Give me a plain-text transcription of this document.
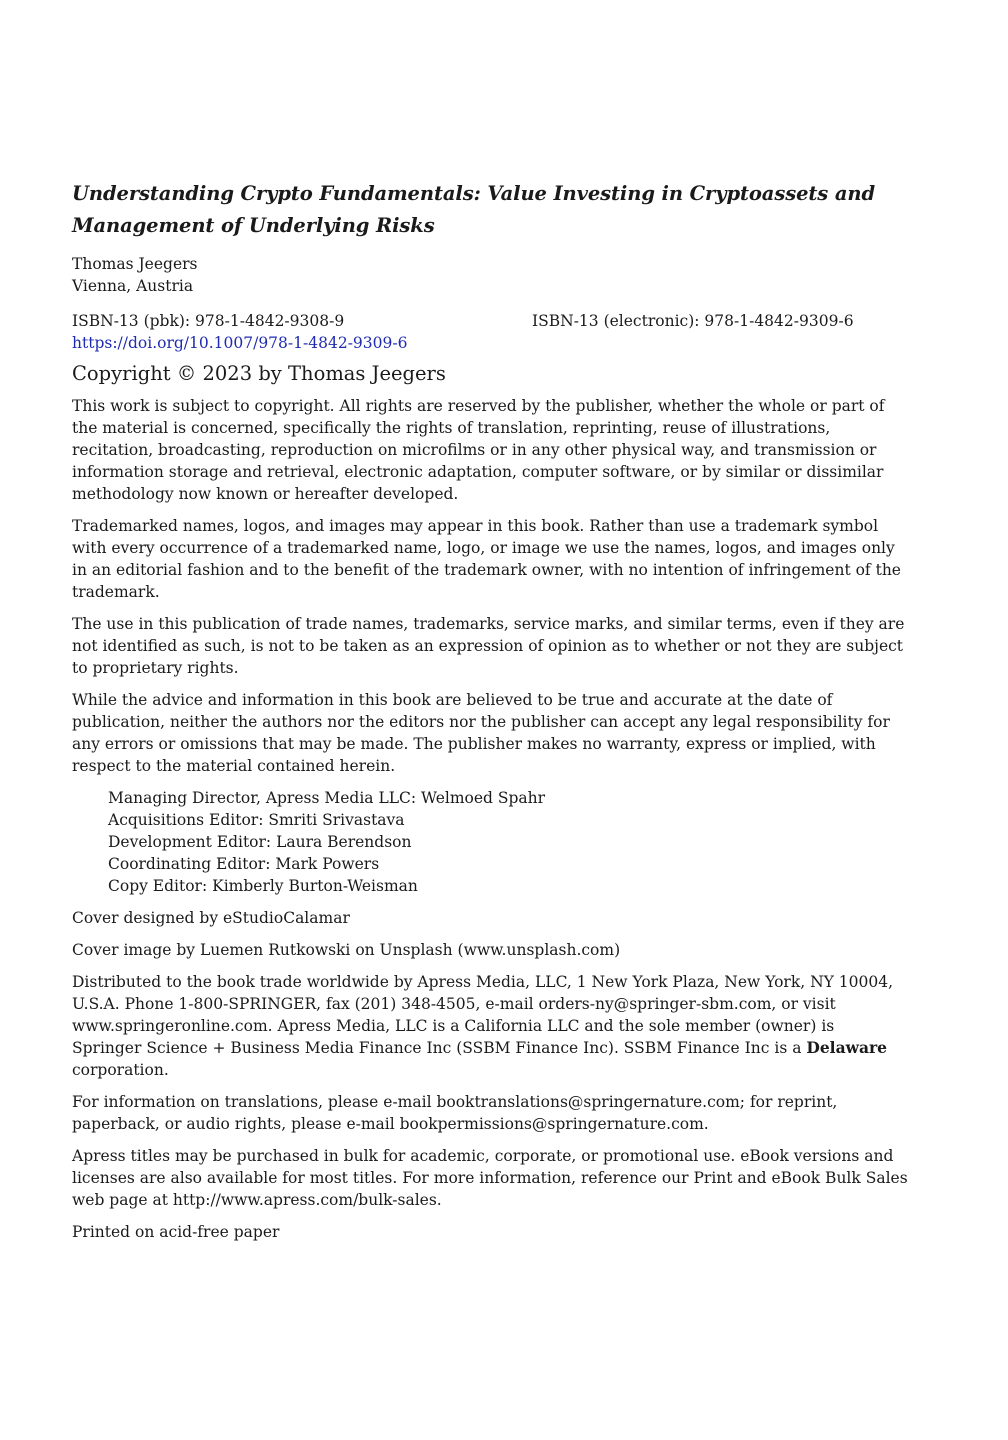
Understanding Crypto Fundamentals: Value Investing in Cryptoassets and
Management of Underlying Risks
Thomas Jeegers
Vienna, Austria
ISBN-13 (pbk): 978-1-4842-9308-9	ISBN-13 (electronic): 978-1-4842-9309-6
https://doi.org/10.1007/978-1-4842-9309-6
Copyright © 2023 by Thomas Jeegers

This work is subject to copyright. All rights are reserved by the publisher, whether the whole or part of the material is concerned, specifically the rights of translation, reprinting, reuse of illustrations, recitation, broadcasting, reproduction on microfilms or in any other physical way, and transmission or information storage and retrieval, electronic adaptation, computer software, or by similar or dissimilar methodology now known or hereafter developed.

Trademarked names, logos, and images may appear in this book. Rather than use a trademark symbol with every occurrence of a trademarked name, logo, or image we use the names, logos, and images only in an editorial fashion and to the benefit of the trademark owner, with no intention of infringement of the trademark.

The use in this publication of trade names, trademarks, service marks, and similar terms, even if they are not identified as such, is not to be taken as an expression of opinion as to whether or not they are subject to proprietary rights.

While the advice and information in this book are believed to be true and accurate at the date of publication, neither the authors nor the editors nor the publisher can accept any legal responsibility for any errors or omissions that may be made. The publisher makes no warranty, express or implied, with respect to the material contained herein.

Managing Director, Apress Media LLC: Welmoed Spahr
Acquisitions Editor: Smriti Srivastava
Development Editor: Laura Berendson
Coordinating Editor: Mark Powers
Copy Editor: Kimberly Burton-Weisman

Cover designed by eStudioCalamar

Cover image by Luemen Rutkowski on Unsplash (www.unsplash.com)

Distributed to the book trade worldwide by Apress Media, LLC, 1 New York Plaza, New York, NY 10004, U.S.A. Phone 1-800-SPRINGER, fax (201) 348-4505, e-mail orders-ny@springer-sbm.com, or visit www.springeronline.com. Apress Media, LLC is a California LLC and the sole member (owner) is Springer Science + Business Media Finance Inc (SSBM Finance Inc). SSBM Finance Inc is a Delaware corporation.

For information on translations, please e-mail booktranslations@springernature.com; for reprint, paperback, or audio rights, please e-mail bookpermissions@springernature.com.

Apress titles may be purchased in bulk for academic, corporate, or promotional use. eBook versions and licenses are also available for most titles. For more information, reference our Print and eBook Bulk Sales web page at http://www.apress.com/bulk-sales.

Printed on acid-free paper
